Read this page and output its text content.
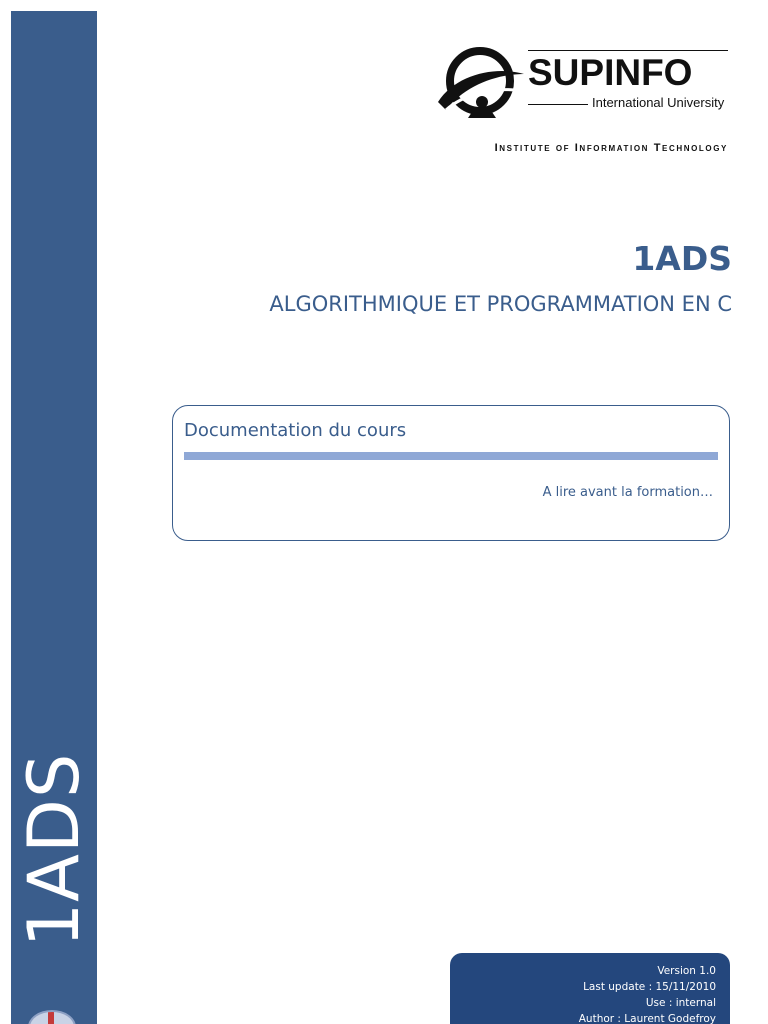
1ADS
SUPINFO
International University
Institute of Information Technology
1ADS
ALGORITHMIQUE ET PROGRAMMATION EN C
Documentation du cours
A lire avant la formation…
Version 1.0
Last update : 15/11/2010
Use : internal
Author : Laurent Godefroy
